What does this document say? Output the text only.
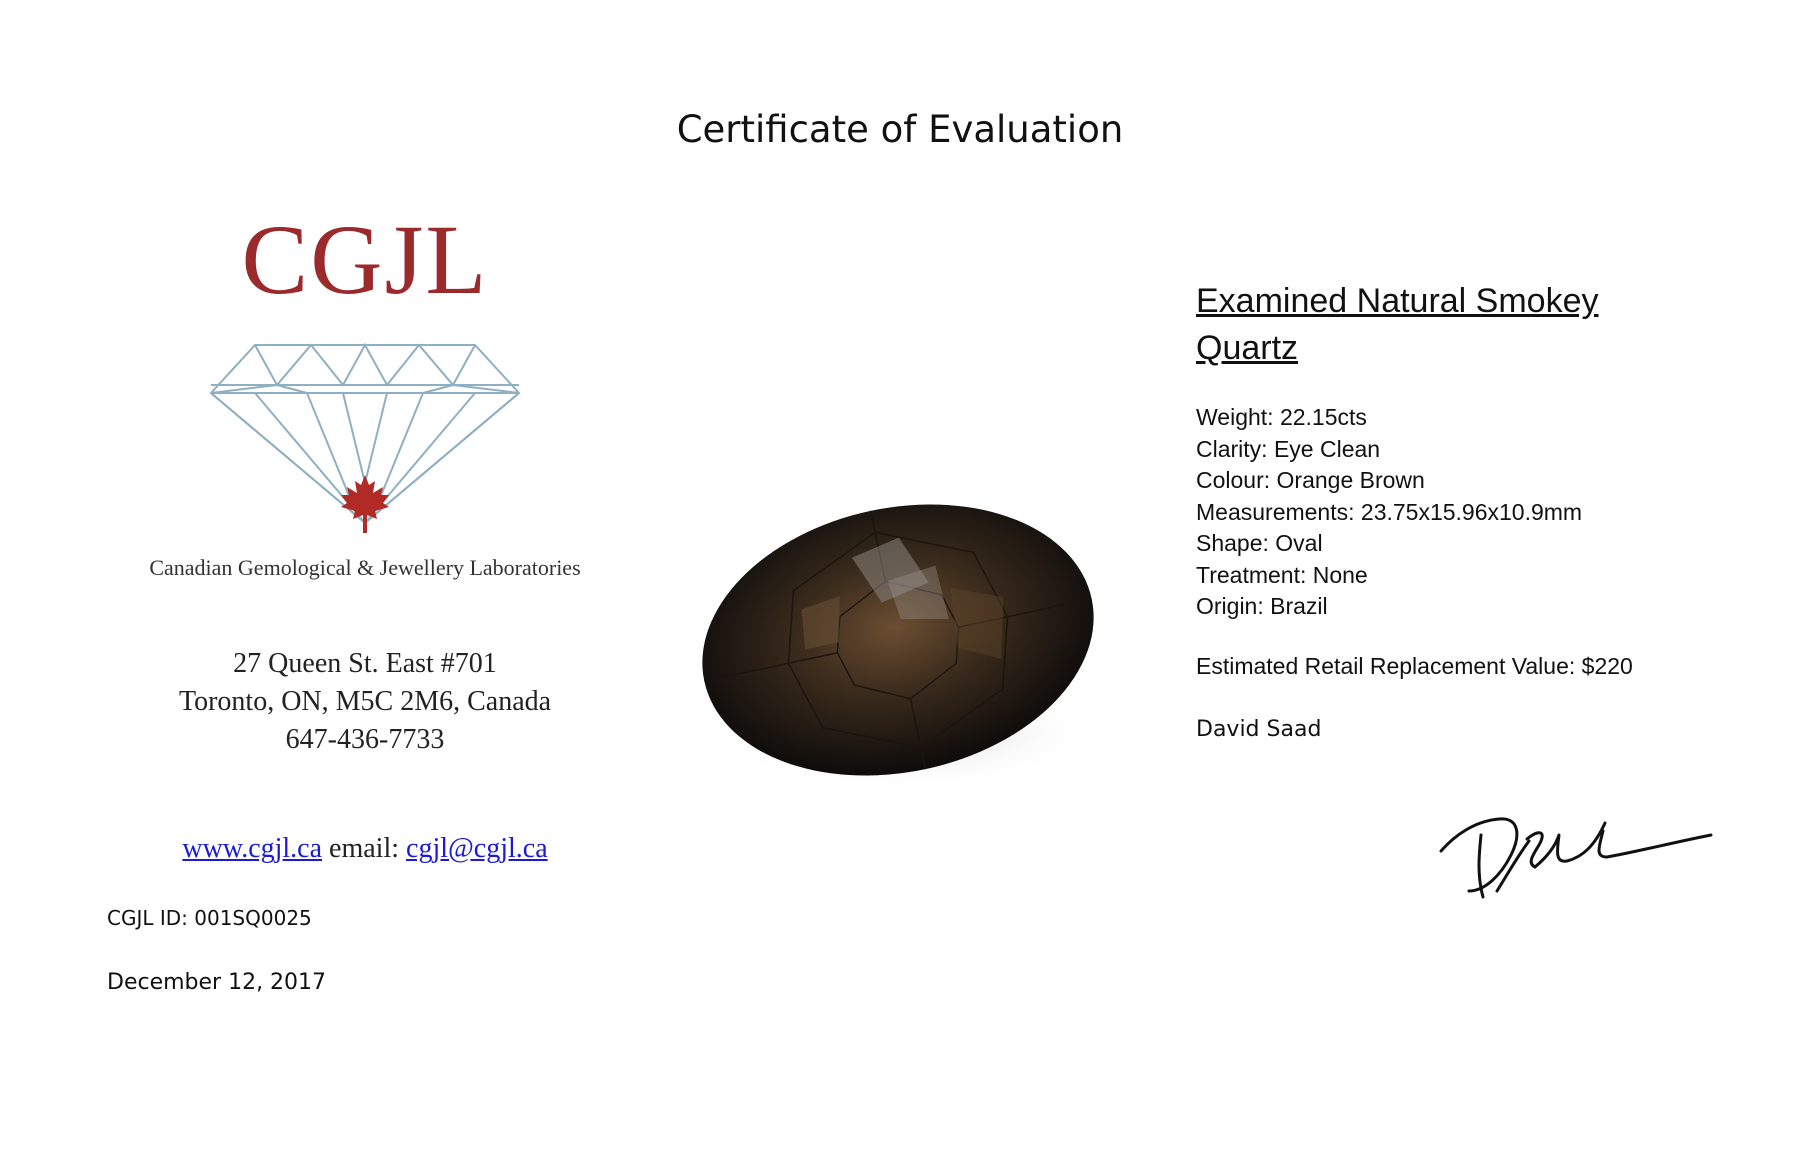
Certificate of Evaluation
CGJL
Canadian Gemological & Jewellery Laboratories
27 Queen St. East #701
Toronto, ON, M5C 2M6, Canada
647-436-7733
www.cgjl.ca email: cgjl@cgjl.ca
CGJL ID: 001SQ0025
December 12, 2017
Examined Natural Smokey Quartz
Weight: 22.15cts
Clarity: Eye Clean
Colour: Orange Brown
Measurements: 23.75x15.96x10.9mm
Shape: Oval
Treatment: None
Origin: Brazil
Estimated Retail Replacement Value: $220
David Saad
